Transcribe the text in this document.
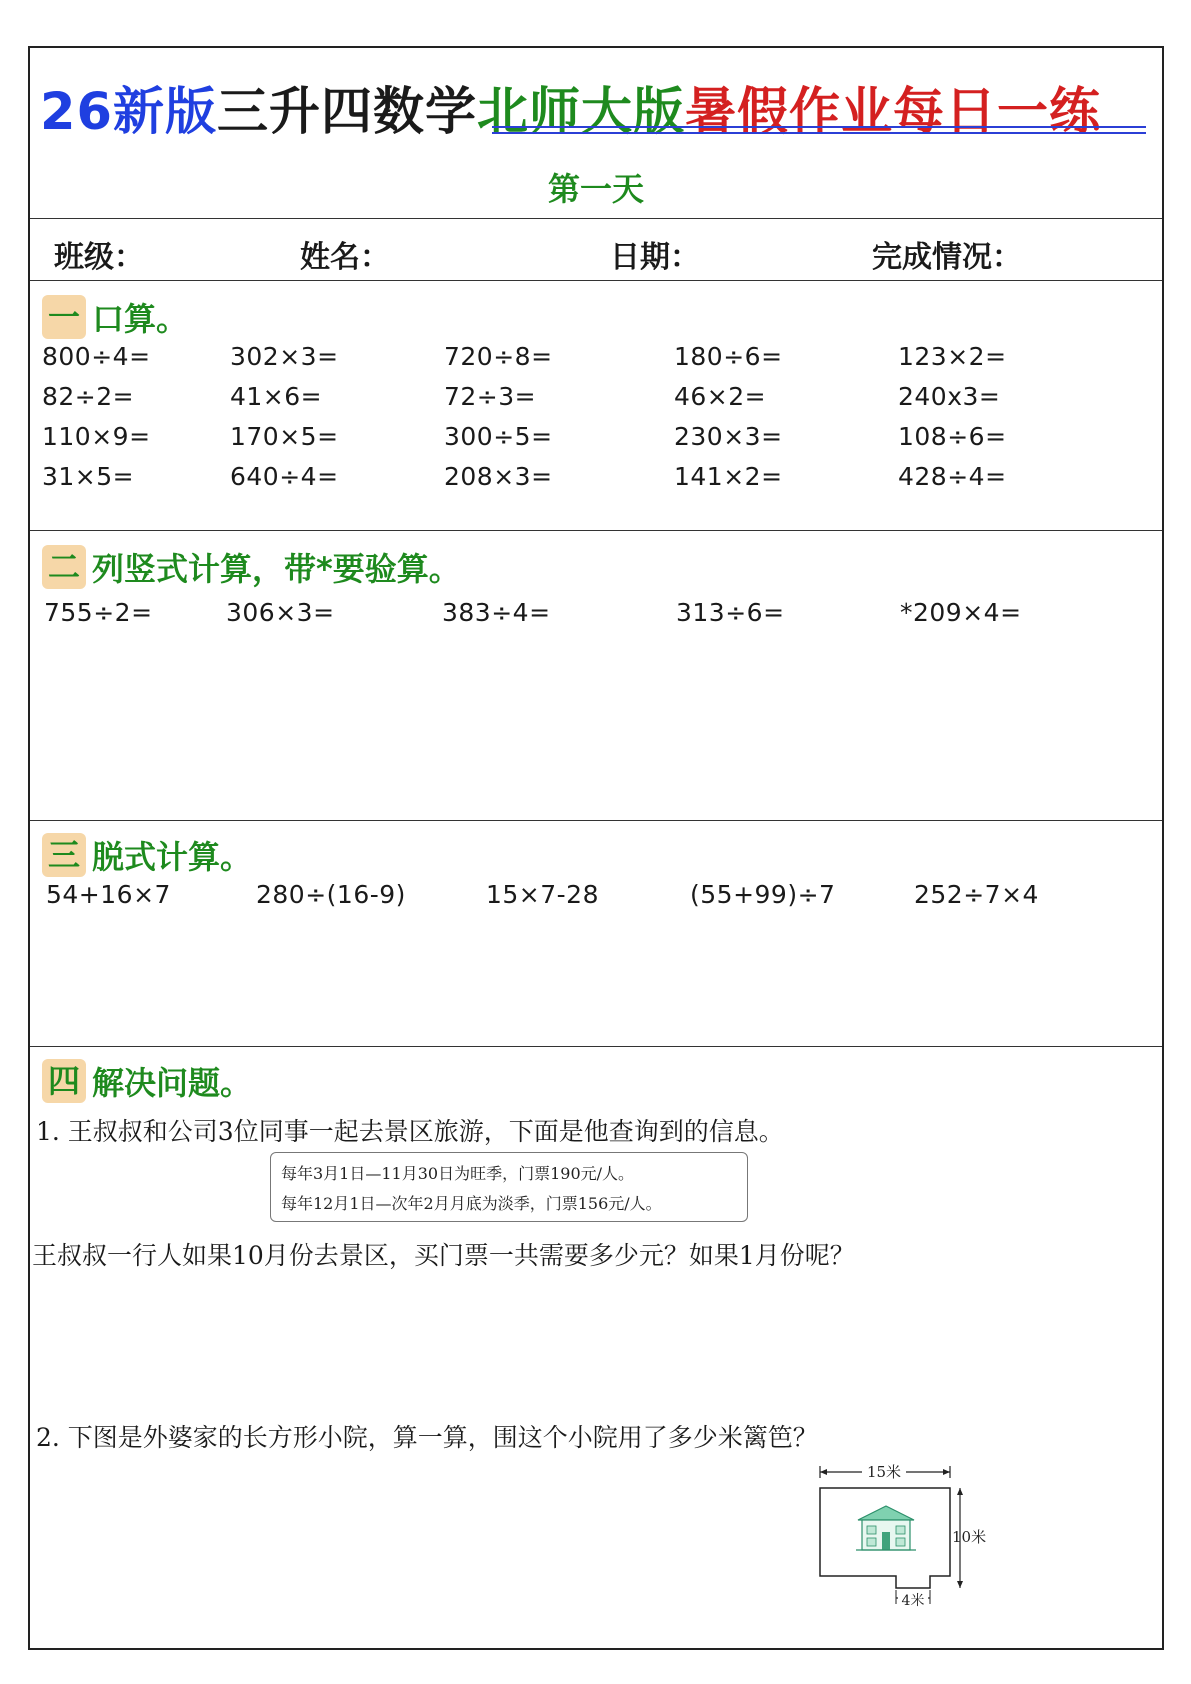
26新版三升四数学北师大版暑假作业每日一练
第一天
班级：	姓名：	日期：	完成情况：
一 口算。
800÷4=	302×3=	720÷8=	180÷6=	123×2=
82÷2=	41×6=	72÷3=	46×2=	240x3=
110×9=	170×5=	300÷5=	230×3=	108÷6=
31×5=	640÷4=	208×3=	141×2=	428÷4=
二 列竖式计算，带*要验算。
755÷2=	306×3=	383÷4=	313÷6=	*209×4=
三 脱式计算。
54+16×7	280÷(16-9)	15×7-28	(55+99)÷7	252÷7×4
四 解决问题。
1. 王叔叔和公司3位同事一起去景区旅游，下面是他查询到的信息。
每年3月1日—11月30日为旺季，门票190元/人。
每年12月1日—次年2月月底为淡季，门票156元/人。
王叔叔一行人如果10月份去景区，买门票一共需要多少元？如果1月份呢？
2. 下图是外婆家的长方形小院，算一算，围这个小院用了多少米篱笆？
15米
10米
4米
